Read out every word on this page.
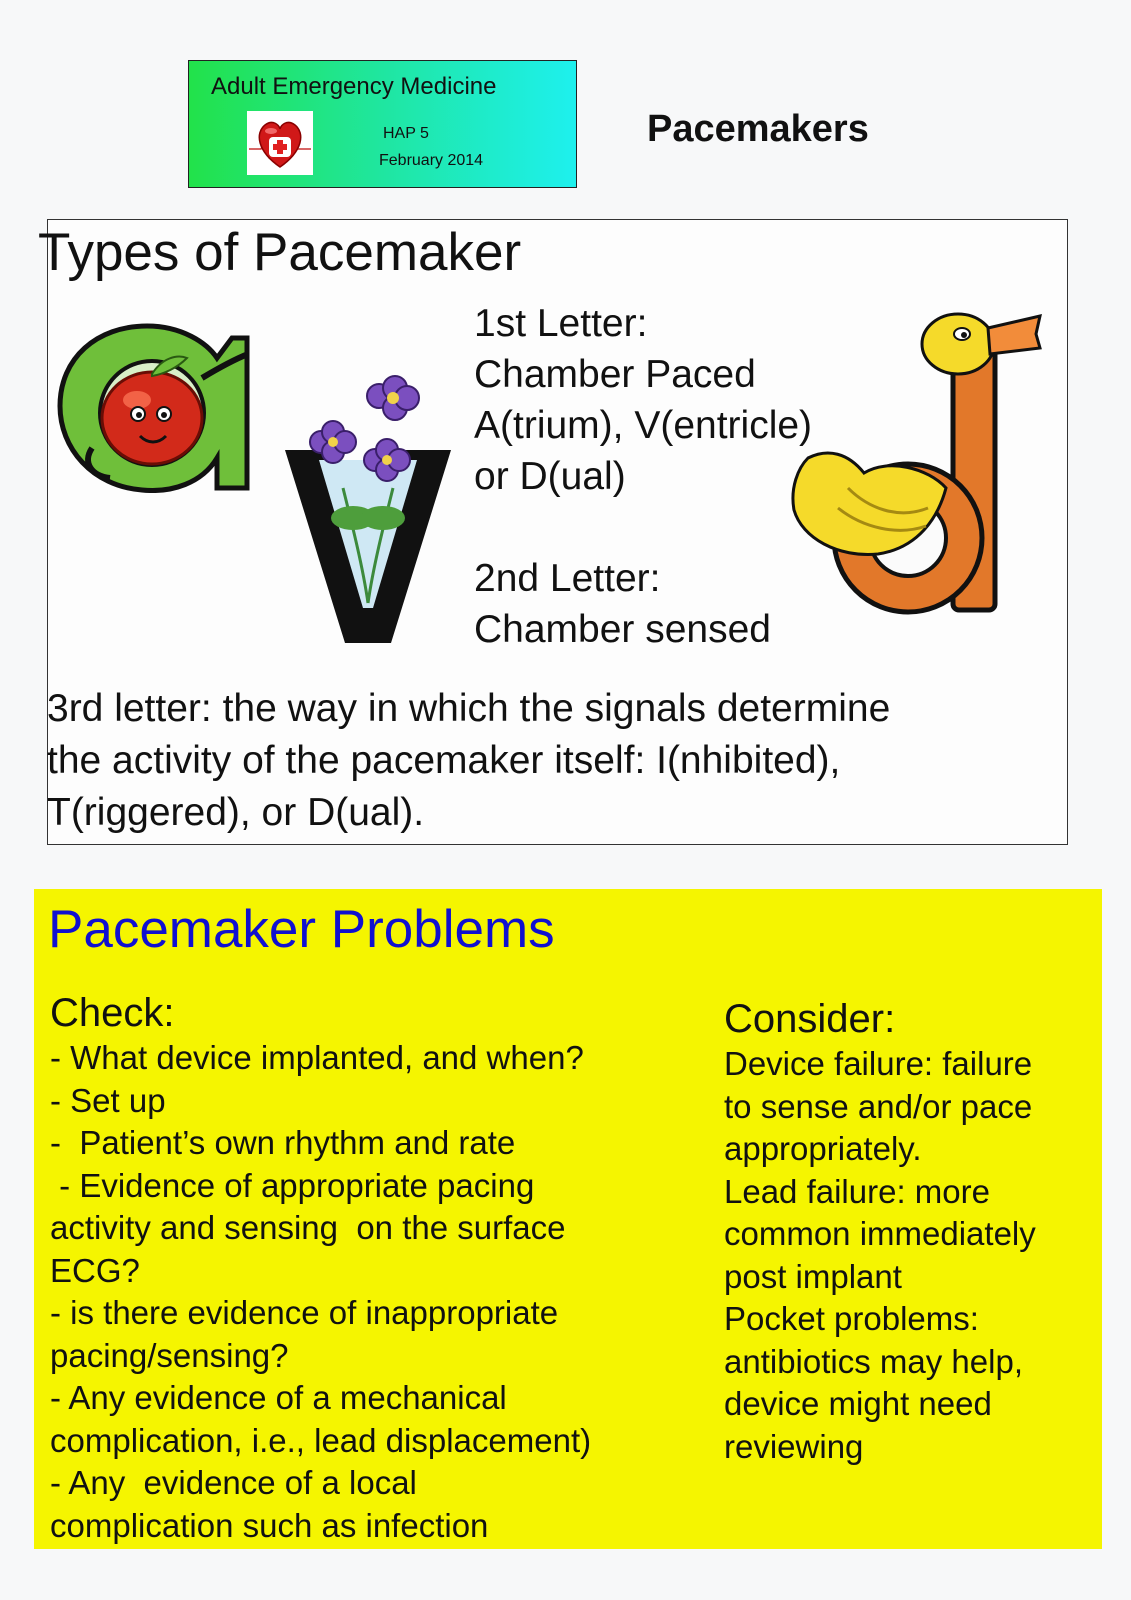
Adult Emergency Medicine
HAP 5
February 2014
Pacemakers
Types of Pacemaker
1st Letter:
Chamber Paced
A(trium), V(entricle)
or D(ual)
2nd Letter:
Chamber sensed
3rd letter: the way in which the signals determine
the activity of the pacemaker itself: I(nhibited),
T(riggered), or D(ual).
Pacemaker Problems
Check:
- What device implanted, and when?
- Set up
-  Patient’s own rhythm and rate
- Evidence of appropriate pacing
activity and sensing  on the surface
ECG?
- is there evidence of inappropriate
pacing/sensing?
- Any evidence of a mechanical
complication, i.e., lead displacement)
- Any  evidence of a local
complication such as infection
Consider:
Device failure: failure
to sense and/or pace
appropriately.
Lead failure: more
common immediately
post implant
Pocket problems:
antibiotics may help,
device might need
reviewing
